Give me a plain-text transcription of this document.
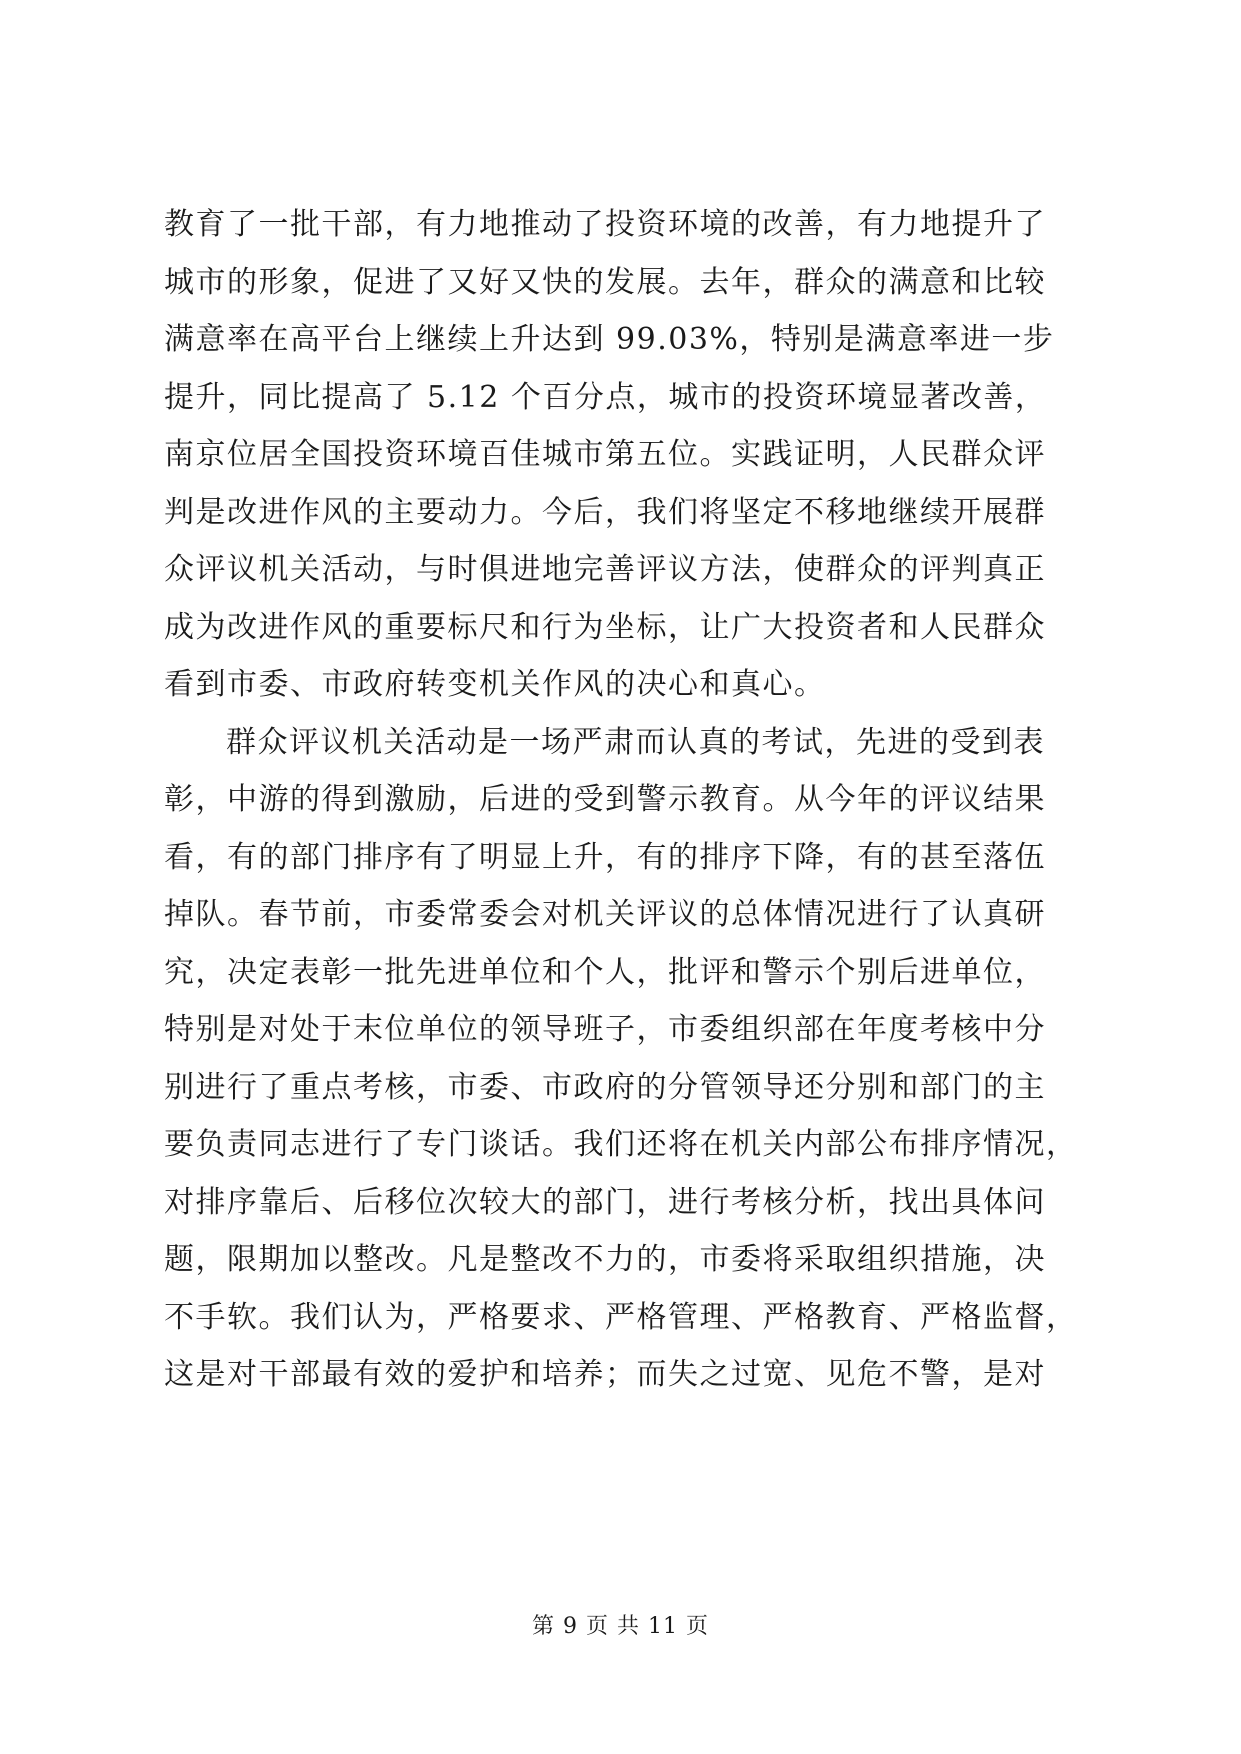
教育了一批干部，有力地推动了投资环境的改善，有力地提升了
城市的形象，促进了又好又快的发展。去年，群众的满意和比较
满意率在高平台上继续上升达到 99.03%，特别是满意率进一步
提升，同比提高了 5.12 个百分点，城市的投资环境显著改善，
南京位居全国投资环境百佳城市第五位。实践证明，人民群众评
判是改进作风的主要动力。今后，我们将坚定不移地继续开展群
众评议机关活动，与时俱进地完善评议方法，使群众的评判真正
成为改进作风的重要标尺和行为坐标，让广大投资者和人民群众
看到市委、市政府转变机关作风的决心和真心。
群众评议机关活动是一场严肃而认真的考试，先进的受到表
彰，中游的得到激励，后进的受到警示教育。从今年的评议结果
看，有的部门排序有了明显上升，有的排序下降，有的甚至落伍
掉队。春节前，市委常委会对机关评议的总体情况进行了认真研
究，决定表彰一批先进单位和个人，批评和警示个别后进单位，
特别是对处于末位单位的领导班子，市委组织部在年度考核中分
别进行了重点考核，市委、市政府的分管领导还分别和部门的主
要负责同志进行了专门谈话。我们还将在机关内部公布排序情况，
对排序靠后、后移位次较大的部门，进行考核分析，找出具体问
题，限期加以整改。凡是整改不力的，市委将采取组织措施，决
不手软。我们认为，严格要求、严格管理、严格教育、严格监督，
这是对干部最有效的爱护和培养；而失之过宽、见危不警，是对
第 9 页 共 11 页
